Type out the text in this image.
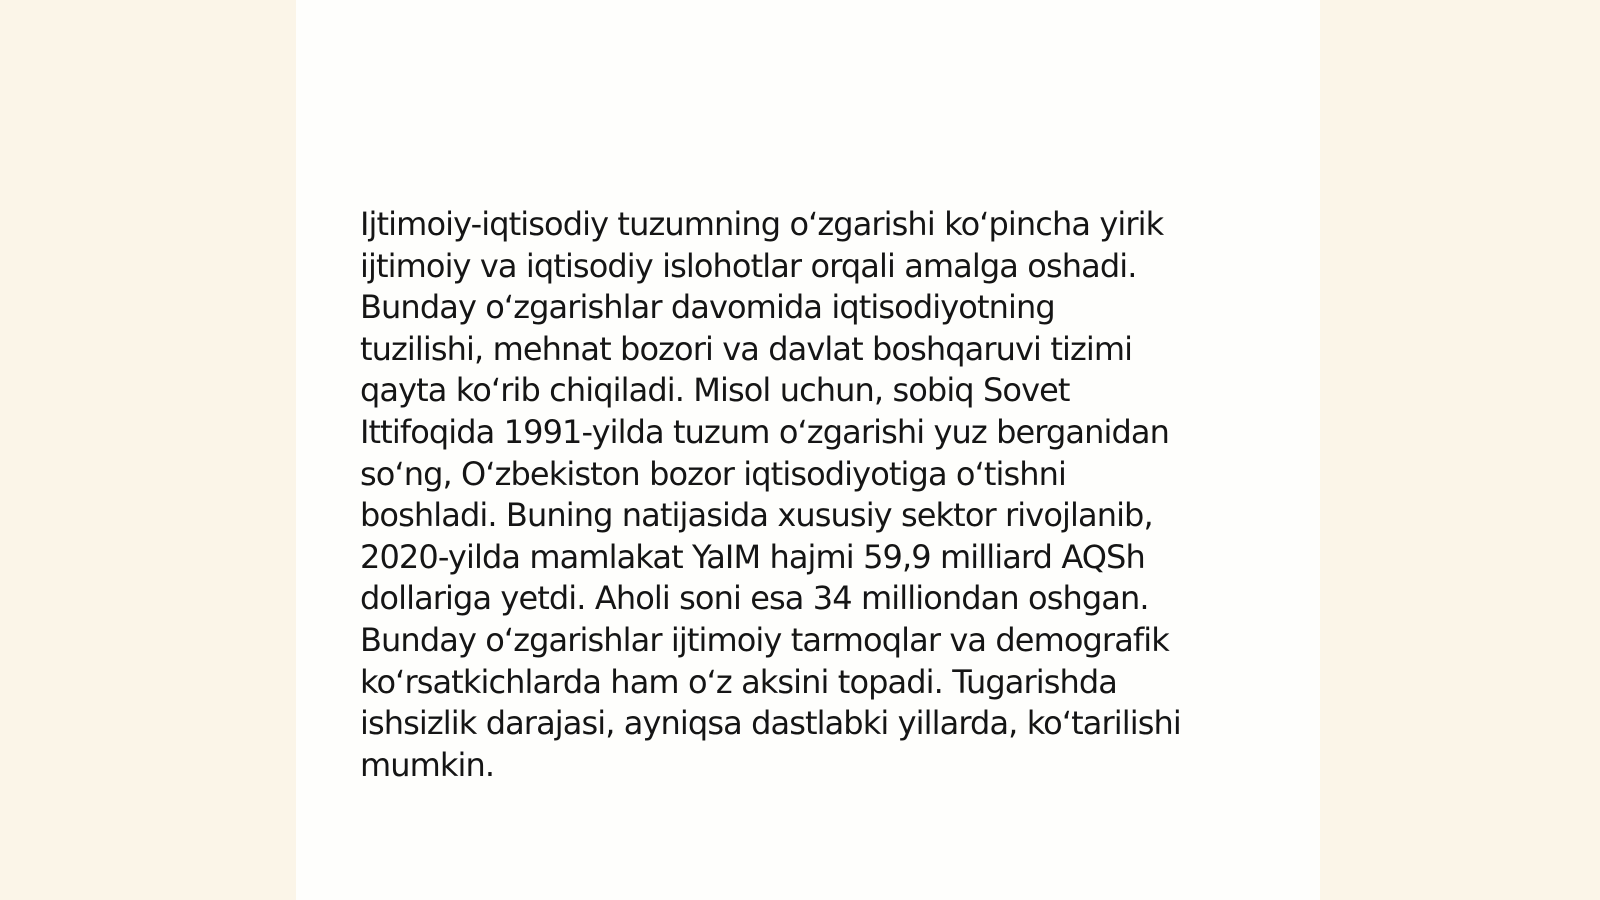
Ijtimoiy-iqtisodiy tuzumning oʻzgarishi koʻpincha yirik
ijtimoiy va iqtisodiy islohotlar orqali amalga oshadi.
Bunday oʻzgarishlar davomida iqtisodiyotning
tuzilishi, mehnat bozori va davlat boshqaruvi tizimi
qayta koʻrib chiqiladi. Misol uchun, sobiq Sovet
Ittifoqida 1991-yilda tuzum oʻzgarishi yuz berganidan
soʻng, Oʻzbekiston bozor iqtisodiyotiga oʻtishni
boshladi. Buning natijasida xususiy sektor rivojlanib,
2020-yilda mamlakat YaIM hajmi 59,9 milliard AQSh
dollariga yetdi. Aholi soni esa 34 milliondan oshgan.
Bunday oʻzgarishlar ijtimoiy tarmoqlar va demografik
koʻrsatkichlarda ham oʻz aksini topadi. Tugarishda
ishsizlik darajasi, ayniqsa dastlabki yillarda, koʻtarilishi
mumkin.
